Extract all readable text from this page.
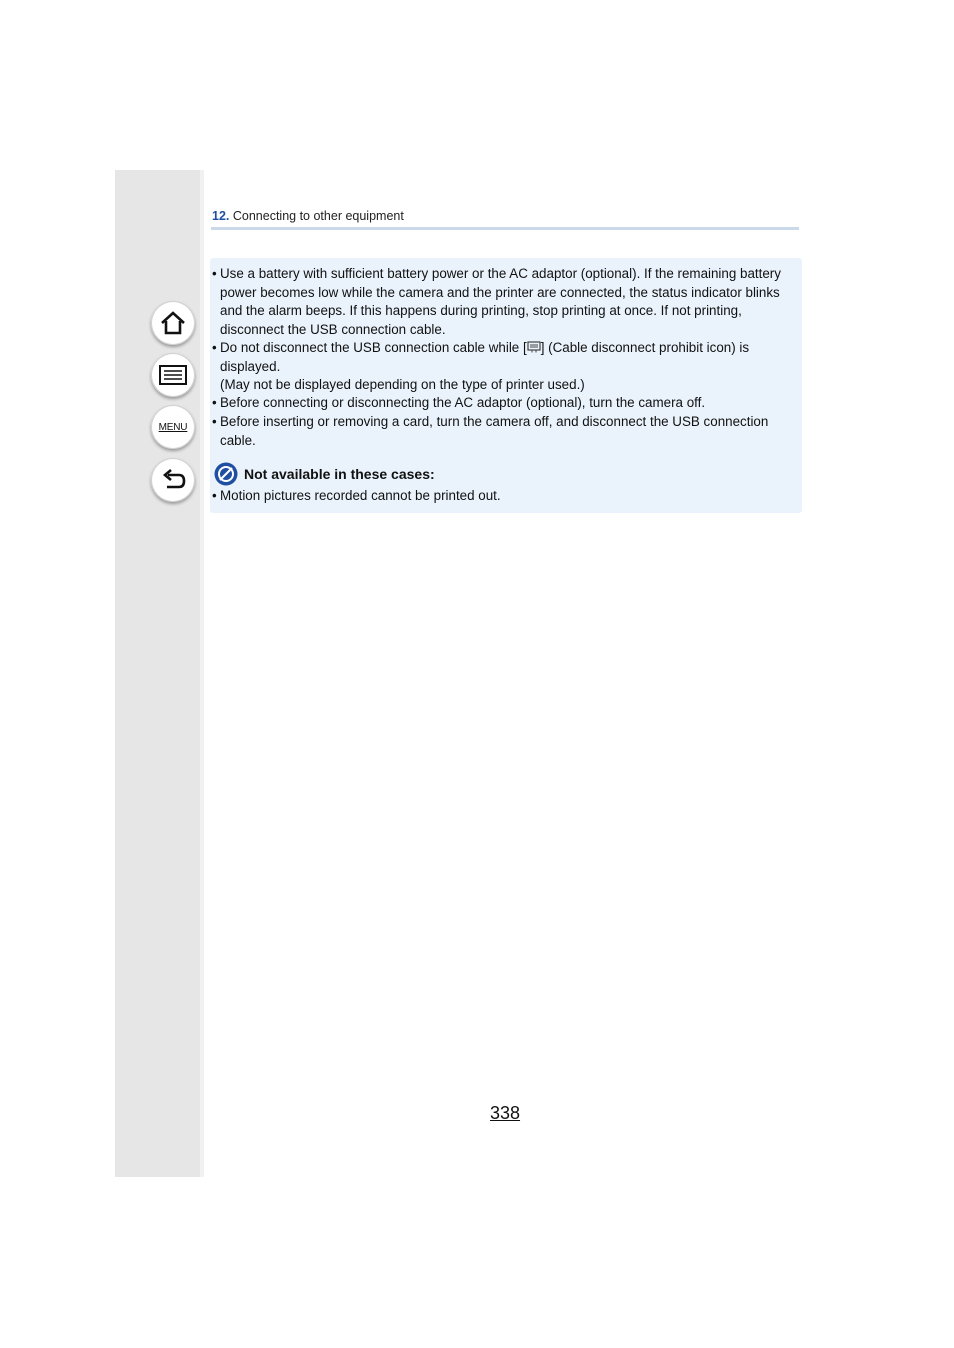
MENU
12. Connecting to other equipment
• Use a battery with sufficient battery power or the AC adaptor (optional). If the remaining battery power becomes low while the camera and the printer are connected, the status indicator blinks and the alarm beeps. If this happens during printing, stop printing at once. If not printing, disconnect the USB connection cable.
• Do not disconnect the USB connection cable while [ ] (Cable disconnect prohibit icon) is displayed.
(May not be displayed depending on the type of printer used.)
• Before connecting or disconnecting the AC adaptor (optional), turn the camera off.
• Before inserting or removing a card, turn the camera off, and disconnect the USB connection cable.
Not available in these cases:
• Motion pictures recorded cannot be printed out.
338
